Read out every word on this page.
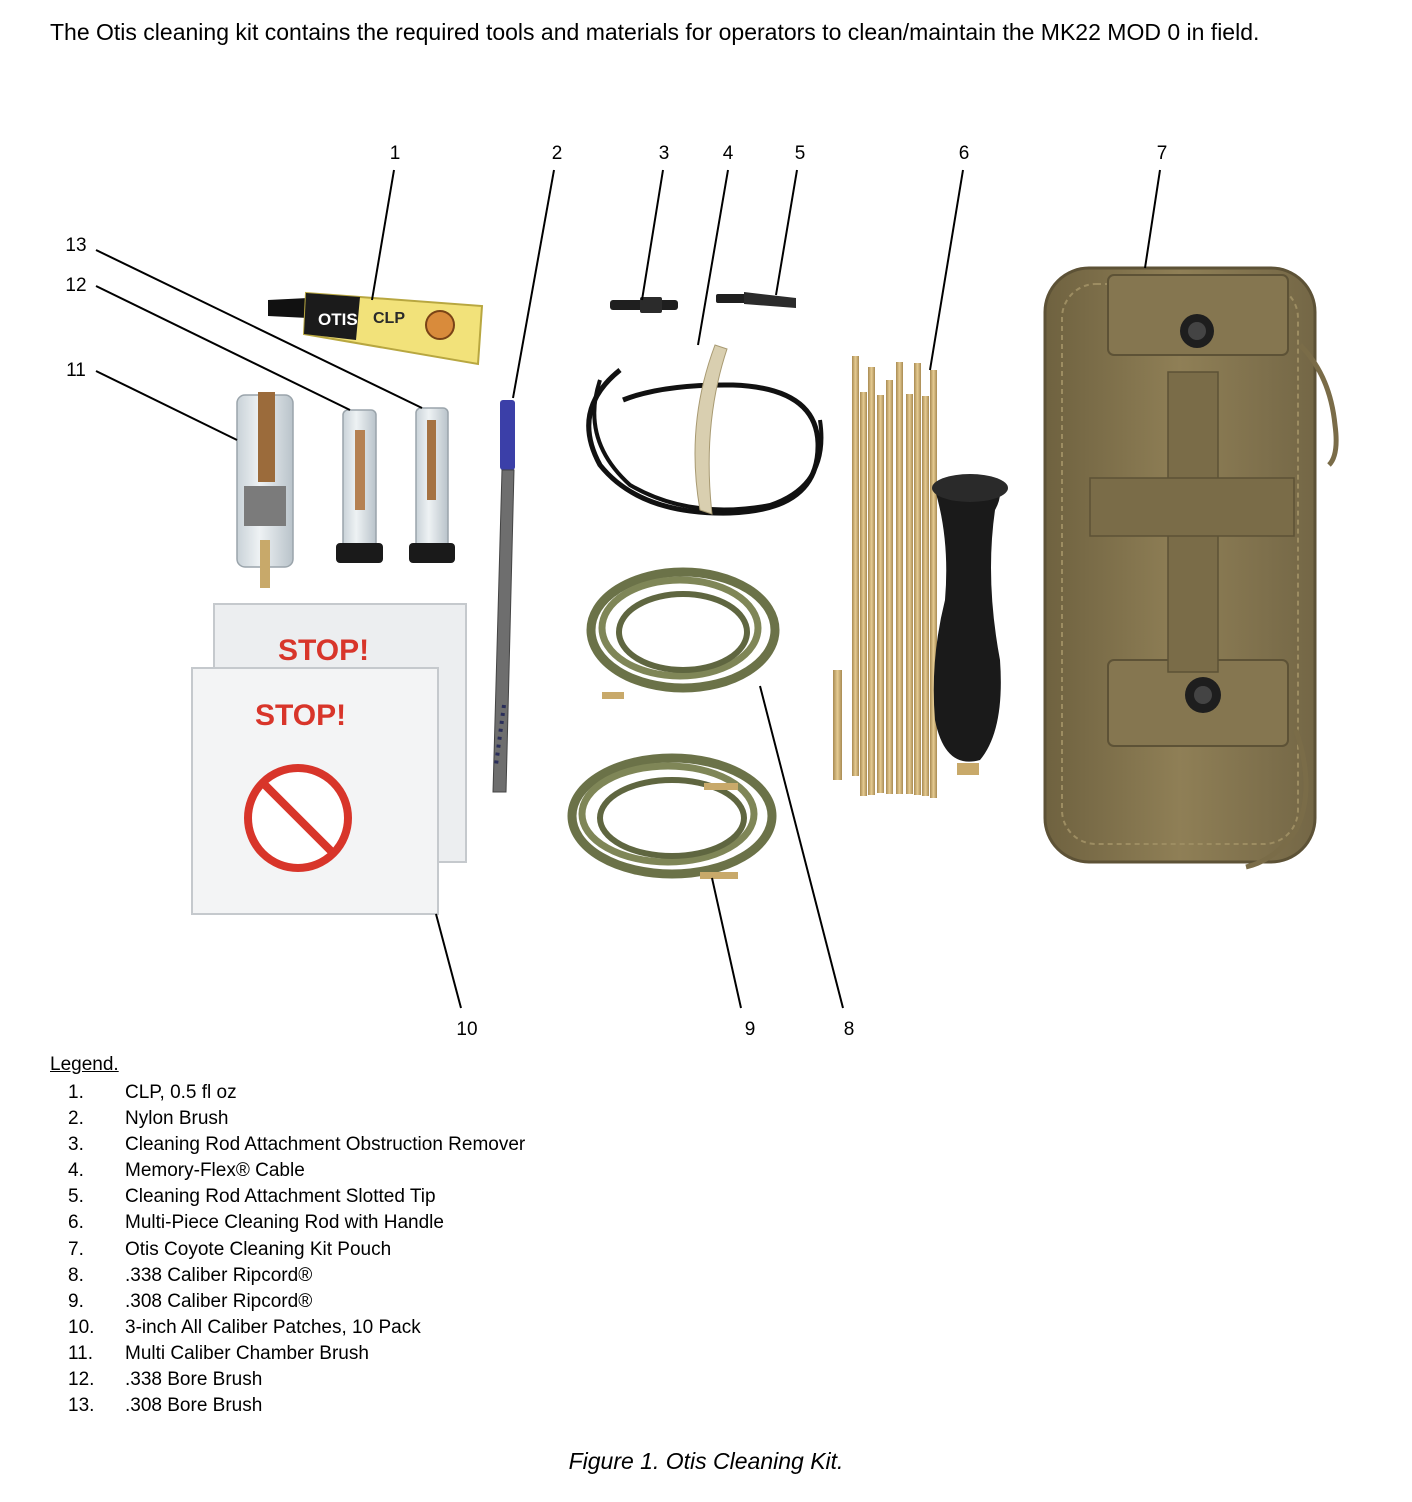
The Otis cleaning kit contains the required tools and materials for operators to clean/maintain the MK22 MOD 0 in field.

OTIS CLP
STOP!
STOP!
1	2	3	4	5	6	7
8
9
10
11
12
13

Legend.

1. CLP, 0.5 fl oz
2. Nylon Brush
3. Cleaning Rod Attachment Obstruction Remover
4. Memory-Flex® Cable
5. Cleaning Rod Attachment Slotted Tip
6. Multi-Piece Cleaning Rod with Handle
7. Otis Coyote Cleaning Kit Pouch
8. .338 Caliber Ripcord®
9. .308 Caliber Ripcord®
10. 3-inch All Caliber Patches, 10 Pack
11. Multi Caliber Chamber Brush
12. .338 Bore Brush
13. .308 Bore Brush

Figure 1. Otis Cleaning Kit.
